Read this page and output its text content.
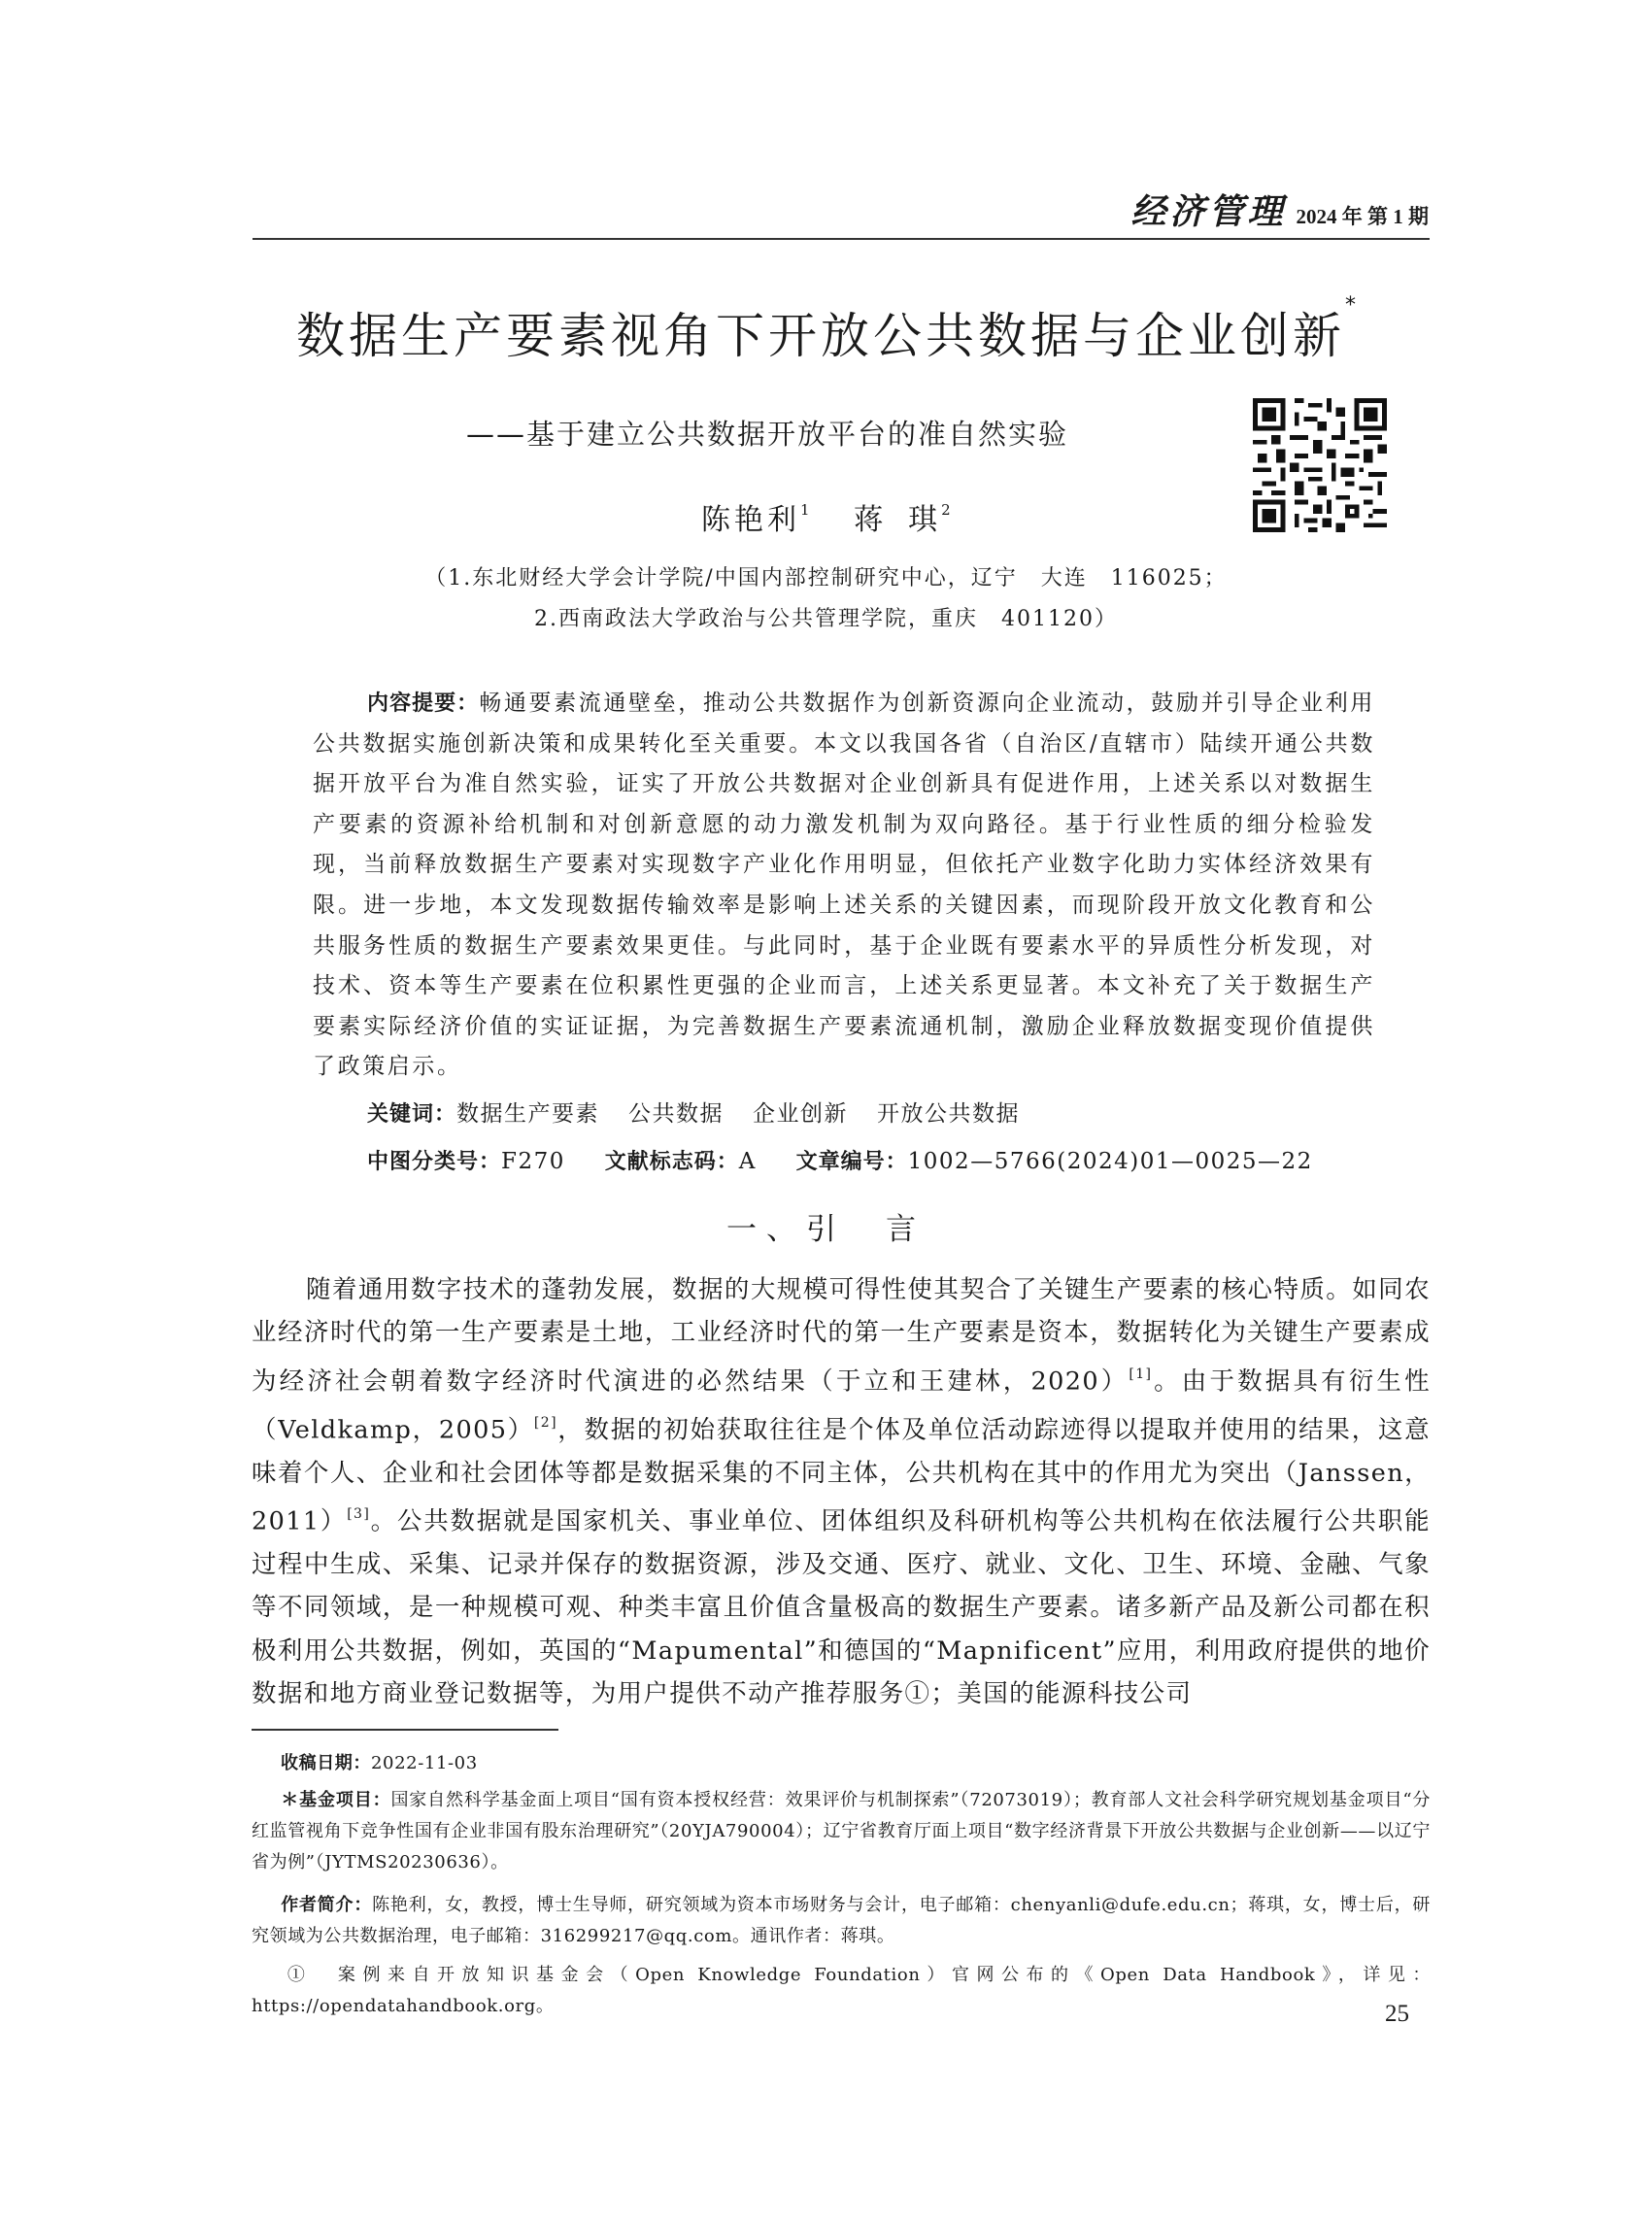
经济管理 2024 年 第 1 期
数据生产要素视角下开放公共数据与企业创新*
——基于建立公共数据开放平台的准自然实验
陈艳利$^1$ 蒋 琪$^2$
（1.东北财经大学会计学院/中国内部控制研究中心，辽宁　大连　116025；
2.西南政法大学政治与公共管理学院，重庆　401120）
内容提要：畅通要素流通壁垒，推动公共数据作为创新资源向企业流动，鼓励并引导企业利用公共数据实施创新决策和成果转化至关重要。本文以我国各省（自治区/直辖市）陆续开通公共数据开放平台为准自然实验，证实了开放公共数据对企业创新具有促进作用，上述关系以对数据生产要素的资源补给机制和对创新意愿的动力激发机制为双向路径。基于行业性质的细分检验发现，当前释放数据生产要素对实现数字产业化作用明显，但依托产业数字化助力实体经济效果有限。进一步地，本文发现数据传输效率是影响上述关系的关键因素，而现阶段开放文化教育和公共服务性质的数据生产要素效果更佳。与此同时，基于企业既有要素水平的异质性分析发现，对技术、资本等生产要素在位积累性更强的企业而言，上述关系更显著。本文补充了关于数据生产要素实际经济价值的实证证据，为完善数据生产要素流通机制，激励企业释放数据变现价值提供了政策启示。
关键词：数据生产要素 公共数据 企业创新 开放公共数据
中图分类号：F270 文献标志码：A 文章编号：1002—5766(2024)01—0025—22
一、引　言
随着通用数字技术的蓬勃发展，数据的大规模可得性使其契合了关键生产要素的核心特质。如同农业经济时代的第一生产要素是土地，工业经济时代的第一生产要素是资本，数据转化为关键生产要素成为经济社会朝着数字经济时代演进的必然结果（于立和王建林，2020）[1]。由于数据具有衍生性（Veldkamp，2005）[2]，数据的初始获取往往是个体及单位活动踪迹得以提取并使用的结果，这意味着个人、企业和社会团体等都是数据采集的不同主体，公共机构在其中的作用尤为突出（Janssen，2011）[3]。公共数据就是国家机关、事业单位、团体组织及科研机构等公共机构在依法履行公共职能过程中生成、采集、记录并保存的数据资源，涉及交通、医疗、就业、文化、卫生、环境、金融、气象等不同领域，是一种规模可观、种类丰富且价值含量极高的数据生产要素。诸多新产品及新公司都在积极利用公共数据，例如，英国的“Mapumental”和德国的“Mapnificent”应用，利用政府提供的地价数据和地方商业登记数据等，为用户提供不动产推荐服务①；美国的能源科技公司
收稿日期：2022-11-03
＊基金项目：国家自然科学基金面上项目“国有资本授权经营：效果评价与机制探索”（72073019）；教育部人文社会科学研究规划基金项目“分红监管视角下竞争性国有企业非国有股东治理研究”（20YJA790004）；辽宁省教育厅面上项目“数字经济背景下开放公共数据与企业创新——以辽宁省为例”（JYTMS20230636）。
作者简介：陈艳利，女，教授，博士生导师，研究领域为资本市场财务与会计，电子邮箱：chenyanli@dufe.edu.cn；蒋琪，女，博士后，研究领域为公共数据治理，电子邮箱：316299217@qq.com。通讯作者：蒋琪。
① 案例来自开放知识基金会（Open Knowledge Foundation）官网公布的《Open Data Handbook》，详见：https://opendatahandbook.org。	25
